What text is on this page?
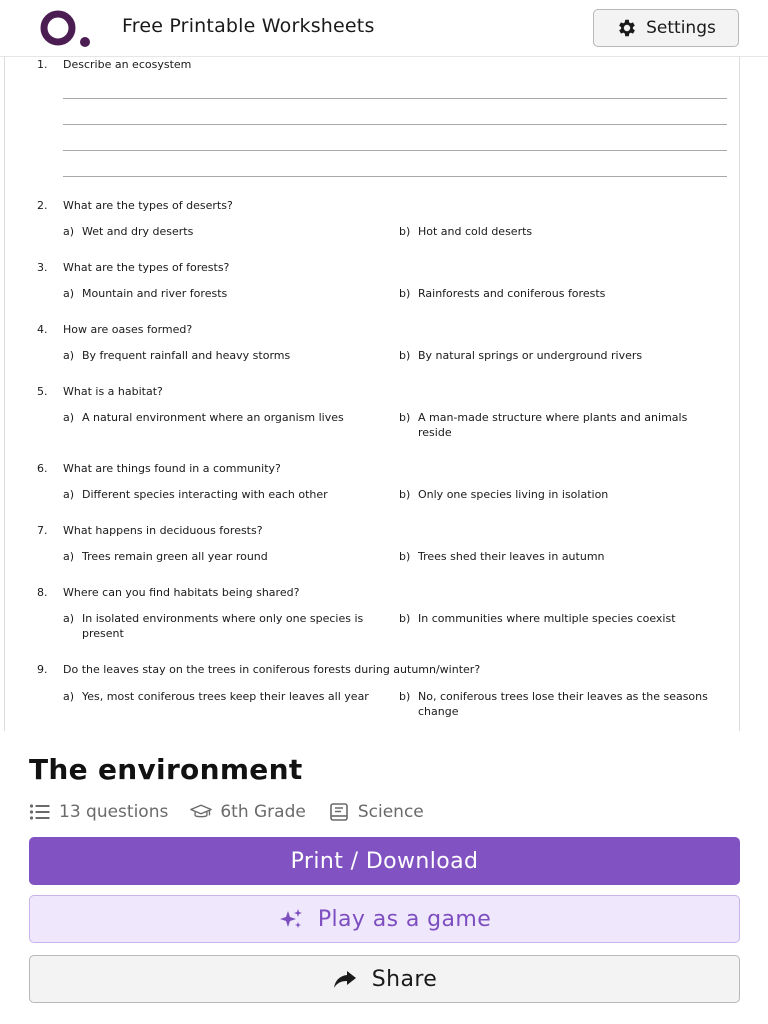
Free Printable Worksheets	Settings
1. Describe an ecosystem
2. What are the types of deserts?
a) Wet and dry deserts	b) Hot and cold deserts
3. What are the types of forests?
a) Mountain and river forests	b) Rainforests and coniferous forests
4. How are oases formed?
a) By frequent rainfall and heavy storms	b) By natural springs or underground rivers
5. What is a habitat?
a) A natural environment where an organism lives	b) A man-made structure where plants and animals reside
6. What are things found in a community?
a) Different species interacting with each other	b) Only one species living in isolation
7. What happens in deciduous forests?
a) Trees remain green all year round	b) Trees shed their leaves in autumn
8. Where can you find habitats being shared?
a) In isolated environments where only one species is present
b) In communities where multiple species coexist
9. Do the leaves stay on the trees in coniferous forests during autumn/winter?
a) Yes, most coniferous trees keep their leaves all year	b) No, coniferous trees lose their leaves as the seasons change
The environment
13 questions	6th Grade	Science
Print / Download
Play as a game
Share
